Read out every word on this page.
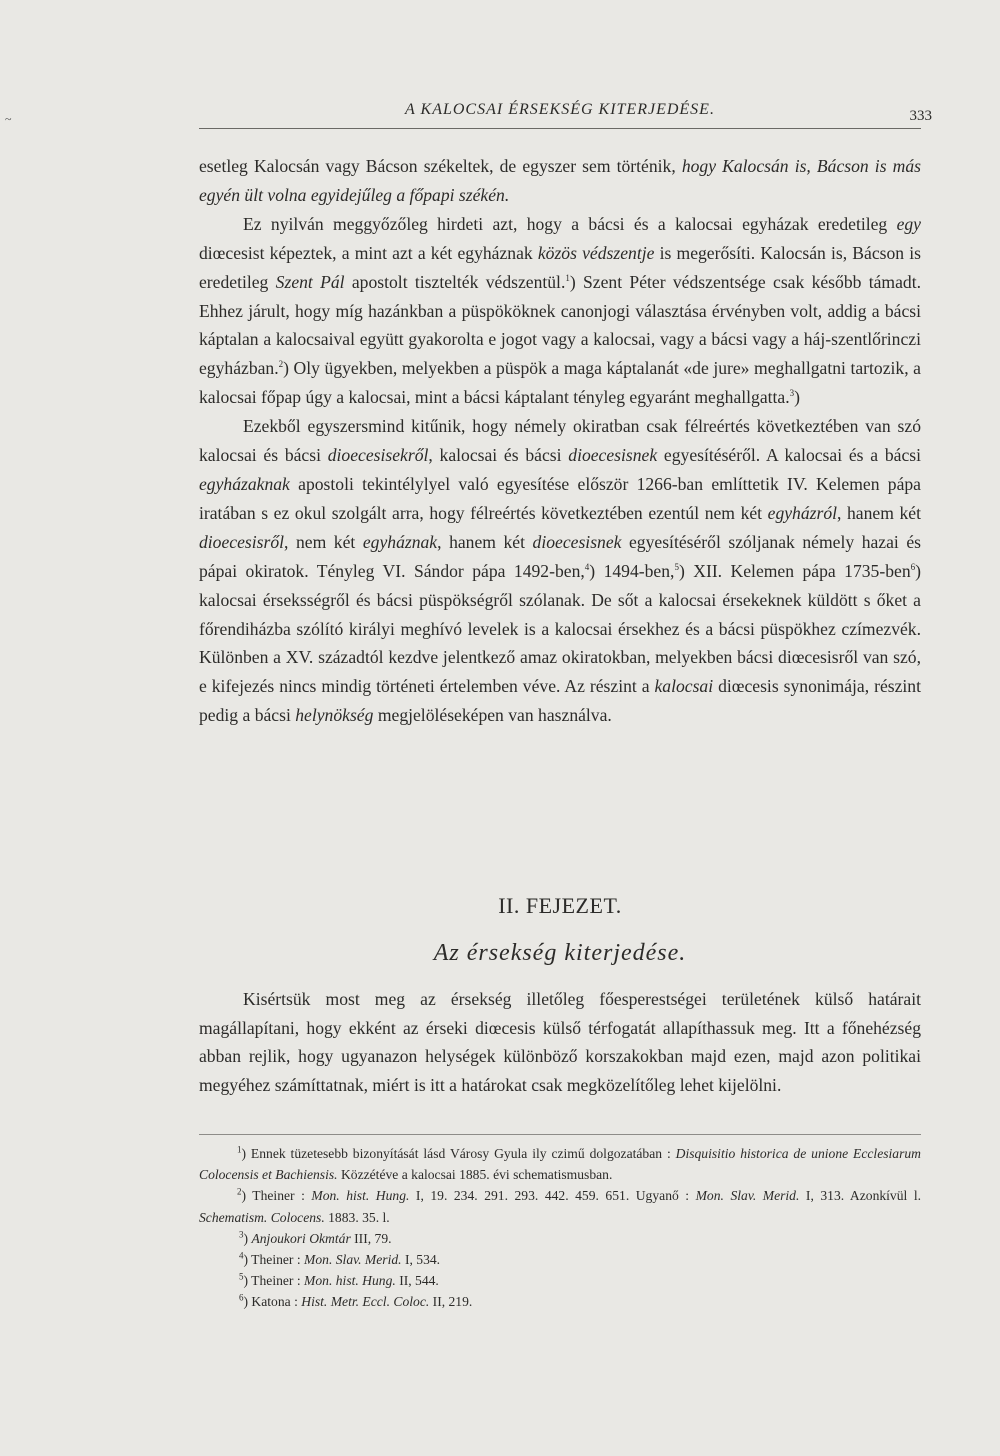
~
A KALOCSAI ÉRSEKSÉG KITERJEDÉSE.	333

esetleg Kalocsán vagy Bácson székeltek, de egyszer sem történik, hogy Kalocsán is, Bácson is más egyén ült volna egyidejűleg a főpapi székén.

Ez nyilván meggyőzőleg hirdeti azt, hogy a bácsi és a kalocsai egyházak eredetileg egy diœcesist képeztek, a mint azt a két egyháznak közös védszentje is megerősíti. Kalocsán is, Bácson is eredetileg Szent Pál apostolt tisztelték védszentül.$^1$) Szent Péter védszentsége csak később támadt. Ehhez járult, hogy míg hazánkban a püspököknek canonjogi választása érvényben volt, addig a bácsi káptalan a kalocsaival együtt gyakorolta e jogot vagy a kalocsai, vagy a bácsi vagy a háj-szentlőrinczi egyházban.$^2$) Oly ügyekben, melyekben a püspök a maga káptalanát «de jure» meghallgatni tartozik, a kalocsai főpap úgy a kalocsai, mint a bácsi káptalant tényleg egyaránt meghallgatta.$^3$)

Ezekből egyszersmind kitűnik, hogy némely okiratban csak félreértés következtében van szó kalocsai és bácsi dioecesisekről, kalocsai és bácsi dioecesisnek egyesítéséről. A kalocsai és a bácsi egyházaknak apostoli tekintélylyel való egyesítése először 1266-ban említtetik IV. Kelemen pápa iratában s ez okul szolgált arra, hogy félreértés következtében ezentúl nem két egyházról, hanem két dioecesisről, nem két egyháznak, hanem két dioecesisnek egyesítéséről szóljanak némely hazai és pápai okiratok. Tényleg VI. Sándor pápa 1492-ben,$^4$) 1494-ben,$^5$) XII. Kelemen pápa 1735-ben$^6$) kalocsai érseksségről és bácsi püspökségről szólanak. De sőt a kalocsai érsekeknek küldött s őket a főrendiházba szólító királyi meghívó levelek is a kalocsai érsekhez és a bácsi püspökhez czímezvék. Különben a XV. századtól kezdve jelentkező amaz okiratokban, melyekben bácsi diœcesisről van szó, e kifejezés nincs mindig történeti értelemben véve. Az részint a kalocsai diœcesis synonimája, részint pedig a bácsi helynökség megjelöléseképen van használva.

II. FEJEZET.
Az érsekség kiterjedése.

Kisértsük most meg az érsekség illetőleg főesperestségei területének külső határait magállapítani, hogy ekként az érseki diœcesis külső térfogatát allapíthassuk meg. Itt a főnehézség abban rejlik, hogy ugyanazon helységek különböző korszakokban majd ezen, majd azon politikai megyéhez számíttatnak, miért is itt a határokat csak megközelítőleg lehet kijelölni.

$^1$) Ennek tüzetesebb bizonyítását lásd Városy Gyula ily czimű dolgozatában : Disquisitio historica de unione Ecclesiarum Colocensis et Bachiensis. Közzétéve a kalocsai 1885. évi schematismusban.

$^2$) Theiner : Mon. hist. Hung. I, 19. 234. 291. 293. 442. 459. 651. Ugyanő : Mon. Slav. Merid. I, 313. Azonkívül l. Schematism. Colocens. 1883. 35. l.

$^3$) Anjoukori Okmtár III, 79.

$^4$) Theiner : Mon. Slav. Merid. I, 534.

$^5$) Theiner : Mon. hist. Hung. II, 544.

$^6$) Katona : Hist. Metr. Eccl. Coloc. II, 219.
